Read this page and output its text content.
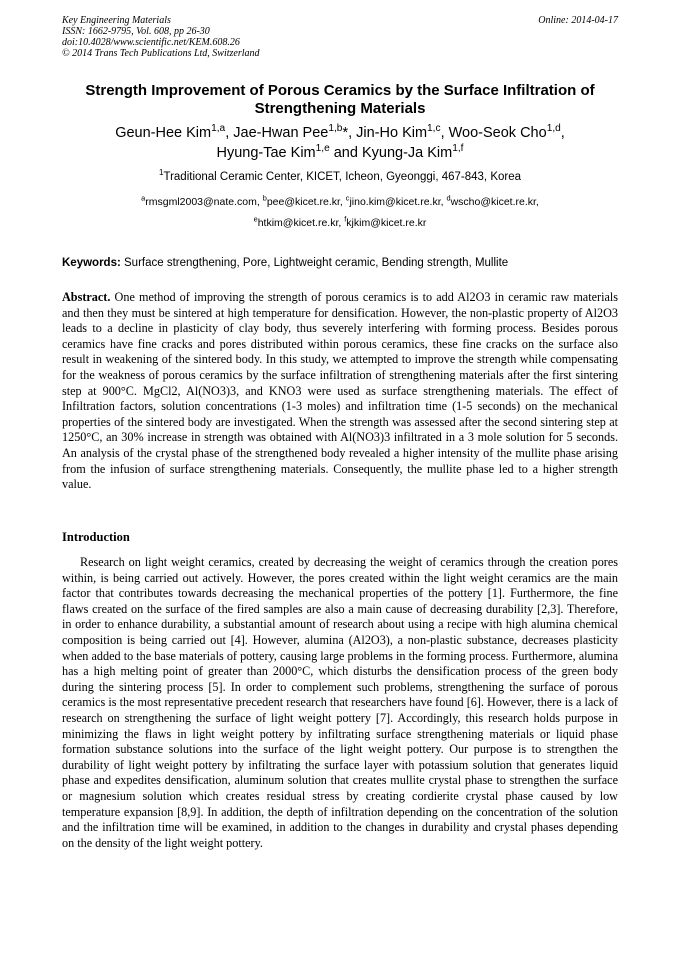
Key Engineering Materials
ISSN: 1662-9795, Vol. 608, pp 26-30
doi:10.4028/www.scientific.net/KEM.608.26
© 2014 Trans Tech Publications Ltd, Switzerland
Online: 2014-04-17
Strength Improvement of Porous Ceramics by the Surface Infiltration of Strengthening Materials
Geun-Hee Kim$^{1,a}$, Jae-Hwan Pee$^{1,b}$*, Jin-Ho Kim$^{1,c}$, Woo-Seok Cho$^{1,d}$,
Hyung-Tae Kim$^{1,e}$ and Kyung-Ja Kim$^{1,f}$
$^1$Traditional Ceramic Center, KICET, Icheon, Gyeonggi, 467-843, Korea
$^a$rmsgml2003@nate.com, $^b$pee@kicet.re.kr, $^c$jino.kim@kicet.re.kr, $^d$wscho@kicet.re.kr,
$^e$htkim@kicet.re.kr, $^f$kjkim@kicet.re.kr
Keywords: Surface strengthening, Pore, Lightweight ceramic, Bending strength, Mullite
Abstract. One method of improving the strength of porous ceramics is to add Al2O3 in ceramic raw materials and then they must be sintered at high temperature for densification. However, the non-plastic property of Al2O3 leads to a decline in plasticity of clay body, thus severely interfering with forming process. Besides porous ceramics have fine cracks and pores distributed within porous ceramics, these fine cracks on the surface also result in weakening of the sintered body. In this study, we attempted to improve the strength while compensating for the weakness of porous ceramics by the surface infiltration of strengthening materials after the first sintering step at 900°C. MgCl2, Al(NO3)3, and KNO3 were used as surface strengthening materials. The effect of Infiltration factors, solution concentrations (1-3 moles) and infiltration time (1-5 seconds) on the mechanical properties of the sintered body are investigated. When the strength was assessed after the second sintering step at 1250°C, an 30% increase in strength was obtained with Al(NO3)3 infiltrated in a 3 mole solution for 5 seconds. An analysis of the crystal phase of the strengthened body revealed a higher intensity of the mullite phase arising from the infusion of surface strengthening materials. Consequently, the mullite phase led to a higher strength value.
Introduction
Research on light weight ceramics, created by decreasing the weight of ceramics through the creation pores within, is being carried out actively. However, the pores created within the light weight ceramics are the main factor that contributes towards decreasing the mechanical properties of the pottery [1]. Furthermore, the fine flaws created on the surface of the fired samples are also a main cause of decreasing durability [2,3]. Therefore, in order to enhance durability, a substantial amount of research about using a recipe with high alumina chemical composition is being carried out [4]. However, alumina (Al2O3), a non-plastic substance, decreases plasticity when added to the base materials of pottery, causing large problems in the forming process. Furthermore, alumina has a high melting point of greater than 2000°C, which disturbs the densification process of the green body during the sintering process [5]. In order to complement such problems, strengthening the surface of porous ceramics is the most representative precedent research that researchers have found [6]. However, there is a lack of research on strengthening the surface of light weight pottery [7]. Accordingly, this research holds purpose in minimizing the flaws in light weight pottery by infiltrating surface strengthening materials or liquid phase formation substance solutions into the surface of the light weight pottery. Our purpose is to strengthen the durability of light weight pottery by infiltrating the surface layer with potassium solution that generates liquid phase and expedites densification, aluminum solution that creates mullite crystal phase to strengthen the surface or magnesium solution which creates residual stress by creating cordierite crystal phase caused by low temperature expansion [8,9]. In addition, the depth of infiltration depending on the concentration of the solution and the infiltration time will be examined, in addition to the changes in durability and crystal phases depending on the density of the light weight pottery.
